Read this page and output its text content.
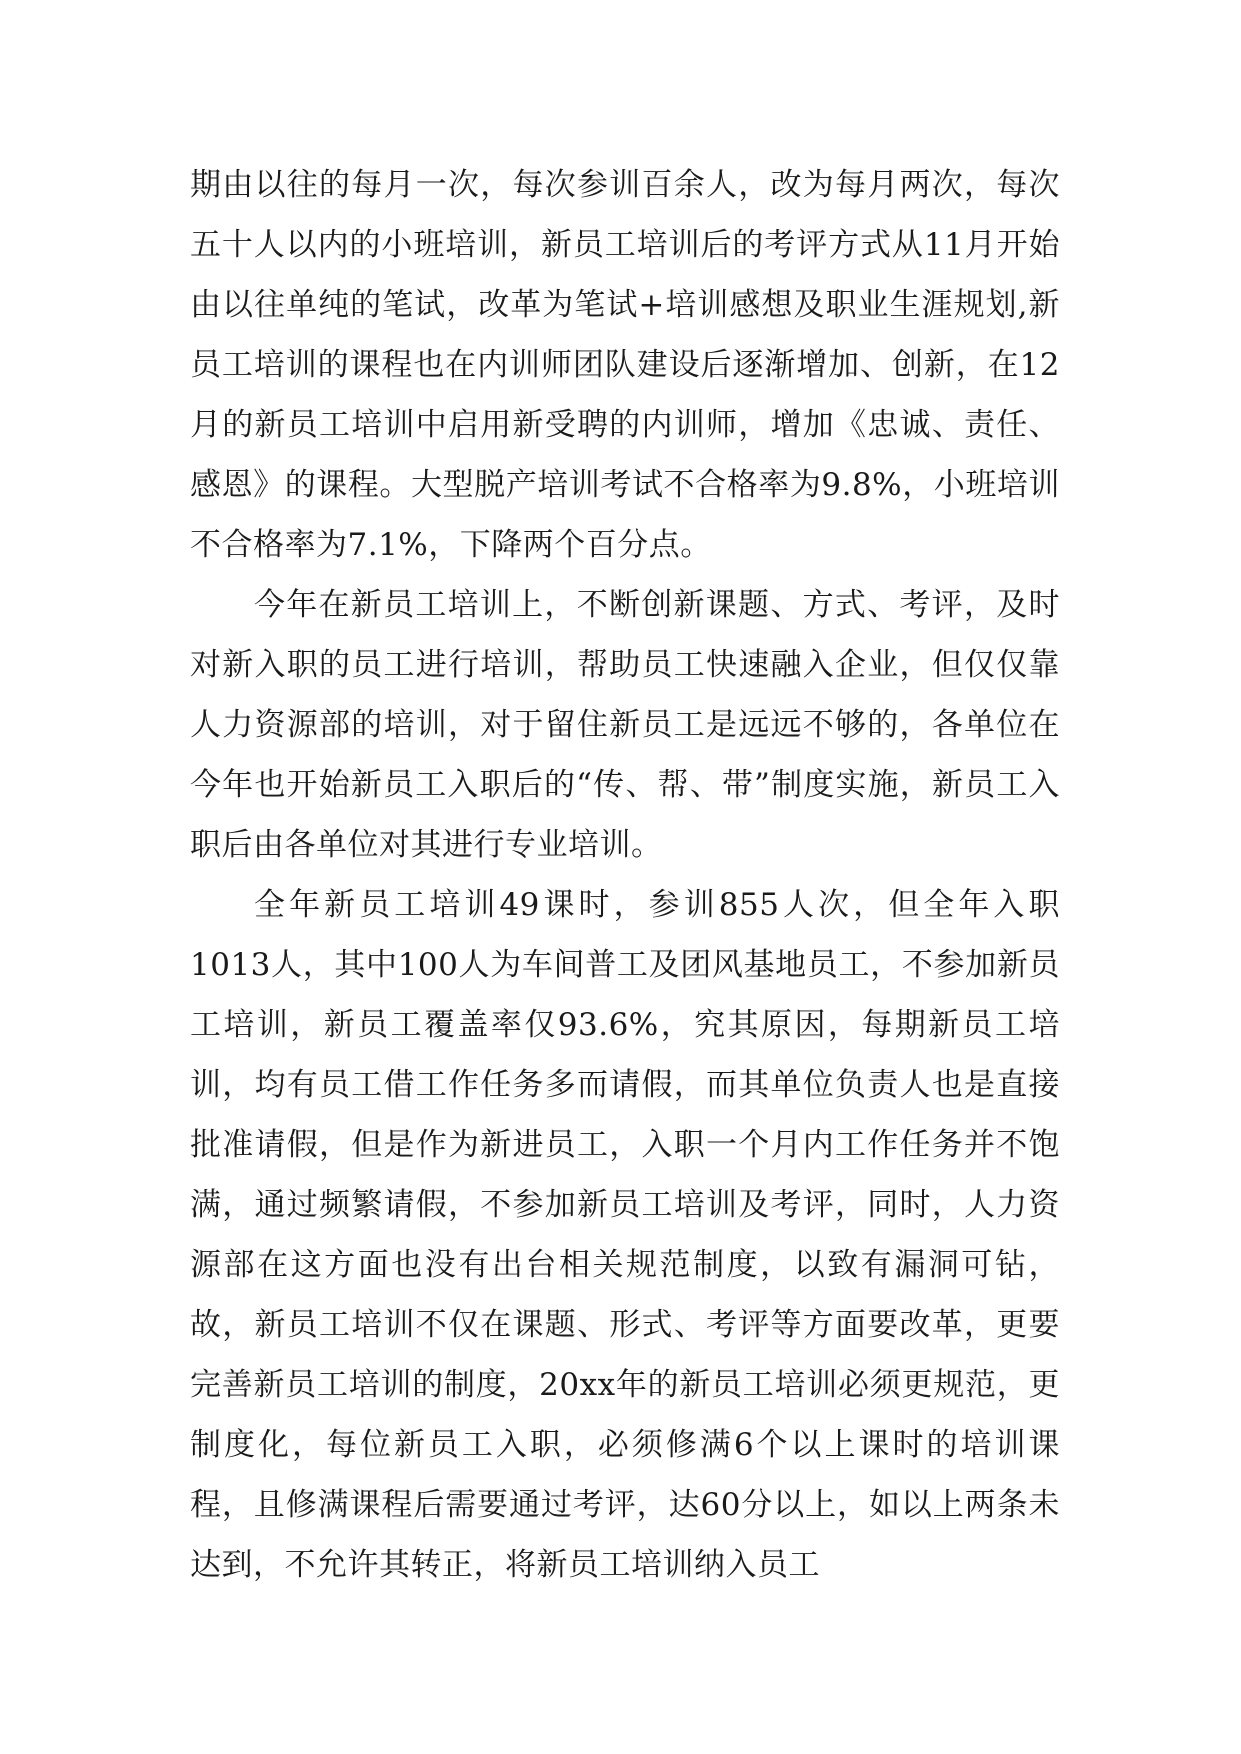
期由以往的每月一次，每次参训百余人，改为每月两次，每次五十人以内的小班培训，新员工培训后的考评方式从11月开始由以往单纯的笔试，改革为笔试+培训感想及职业生涯规划,新员工培训的课程也在内训师团队建设后逐渐增加、创新，在12月的新员工培训中启用新受聘的内训师，增加《忠诚、责任、感恩》的课程。大型脱产培训考试不合格率为9.8%，小班培训不合格率为7.1%，下降两个百分点。

今年在新员工培训上，不断创新课题、方式、考评，及时对新入职的员工进行培训，帮助员工快速融入企业，但仅仅靠人力资源部的培训，对于留住新员工是远远不够的，各单位在今年也开始新员工入职后的“传、帮、带”制度实施，新员工入职后由各单位对其进行专业培训。

全年新员工培训49课时，参训855人次，但全年入职1013人，其中100人为车间普工及团风基地员工，不参加新员工培训，新员工覆盖率仅93.6%，究其原因，每期新员工培训，均有员工借工作任务多而请假，而其单位负责人也是直接批准请假，但是作为新进员工，入职一个月内工作任务并不饱满，通过频繁请假，不参加新员工培训及考评，同时，人力资源部在这方面也没有出台相关规范制度，以致有漏洞可钻，故，新员工培训不仅在课题、形式、考评等方面要改革，更要完善新员工培训的制度，20xx年的新员工培训必须更规范，更制度化，每位新员工入职，必须修满6个以上课时的培训课程，且修满课程后需要通过考评，达60分以上，如以上两条未达到，不允许其转正，将新员工培训纳入员工
